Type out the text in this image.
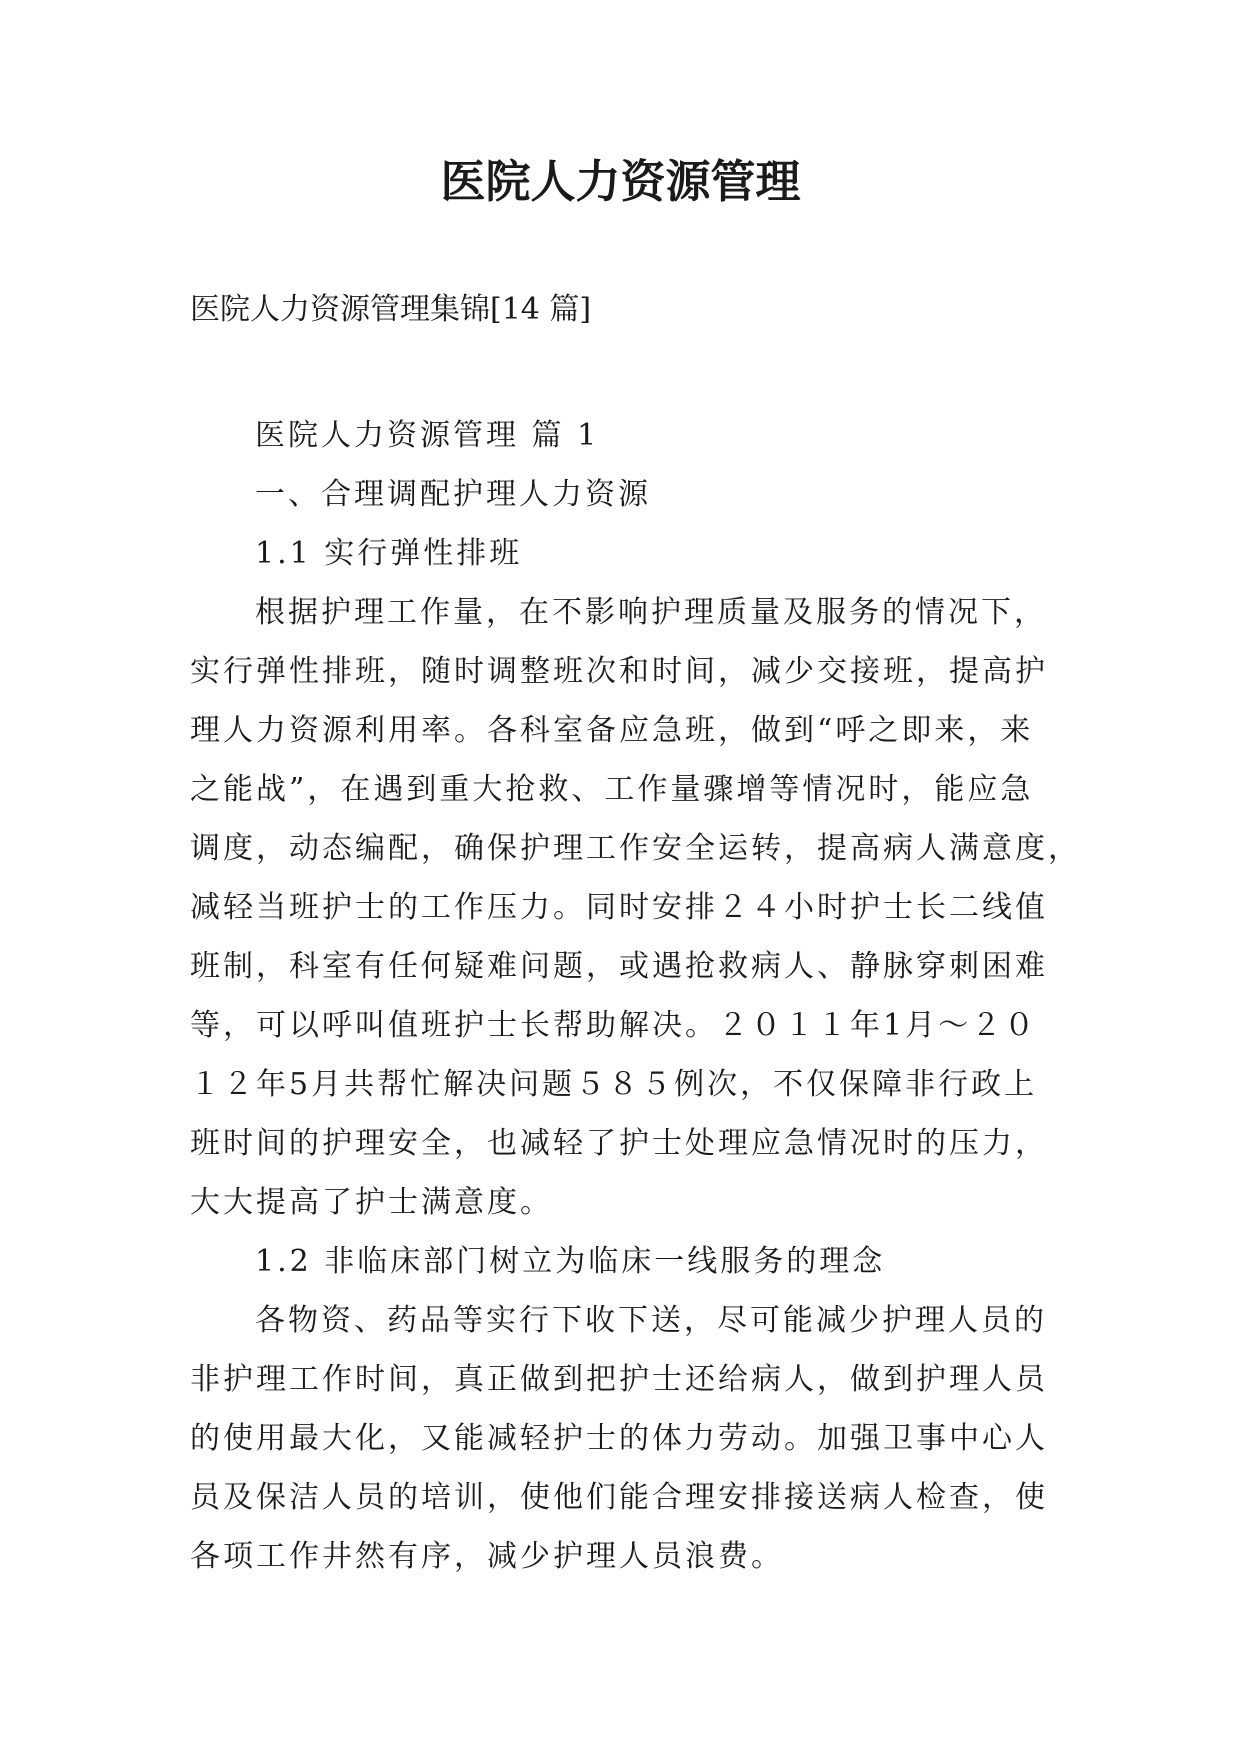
医院人力资源管理

医院人力资源管理集锦[14 篇]

医院人力资源管理 篇 1

一、合理调配护理人力资源

1.1 实行弹性排班

根据护理工作量，在不影响护理质量及服务的情况下，

实行弹性排班，随时调整班次和时间，减少交接班，提高护

理人力资源利用率。各科室备应急班，做到“呼之即来，来

之能战”，在遇到重大抢救、工作量骤增等情况时，能应急

调度，动态编配，确保护理工作安全运转，提高病人满意度，

减轻当班护士的工作压力。同时安排２４小时护士长二线值

班制，科室有任何疑难问题，或遇抢救病人、静脉穿刺困难

等，可以呼叫值班护士长帮助解决。２０１１年1月～２０

１２年5月共帮忙解决问题５８５例次，不仅保障非行政上

班时间的护理安全，也减轻了护士处理应急情况时的压力，

大大提高了护士满意度。

1.2 非临床部门树立为临床一线服务的理念

各物资、药品等实行下收下送，尽可能减少护理人员的

非护理工作时间，真正做到把护士还给病人，做到护理人员

的使用最大化，又能减轻护士的体力劳动。加强卫事中心人

员及保洁人员的培训，使他们能合理安排接送病人检查，使

各项工作井然有序，减少护理人员浪费。
